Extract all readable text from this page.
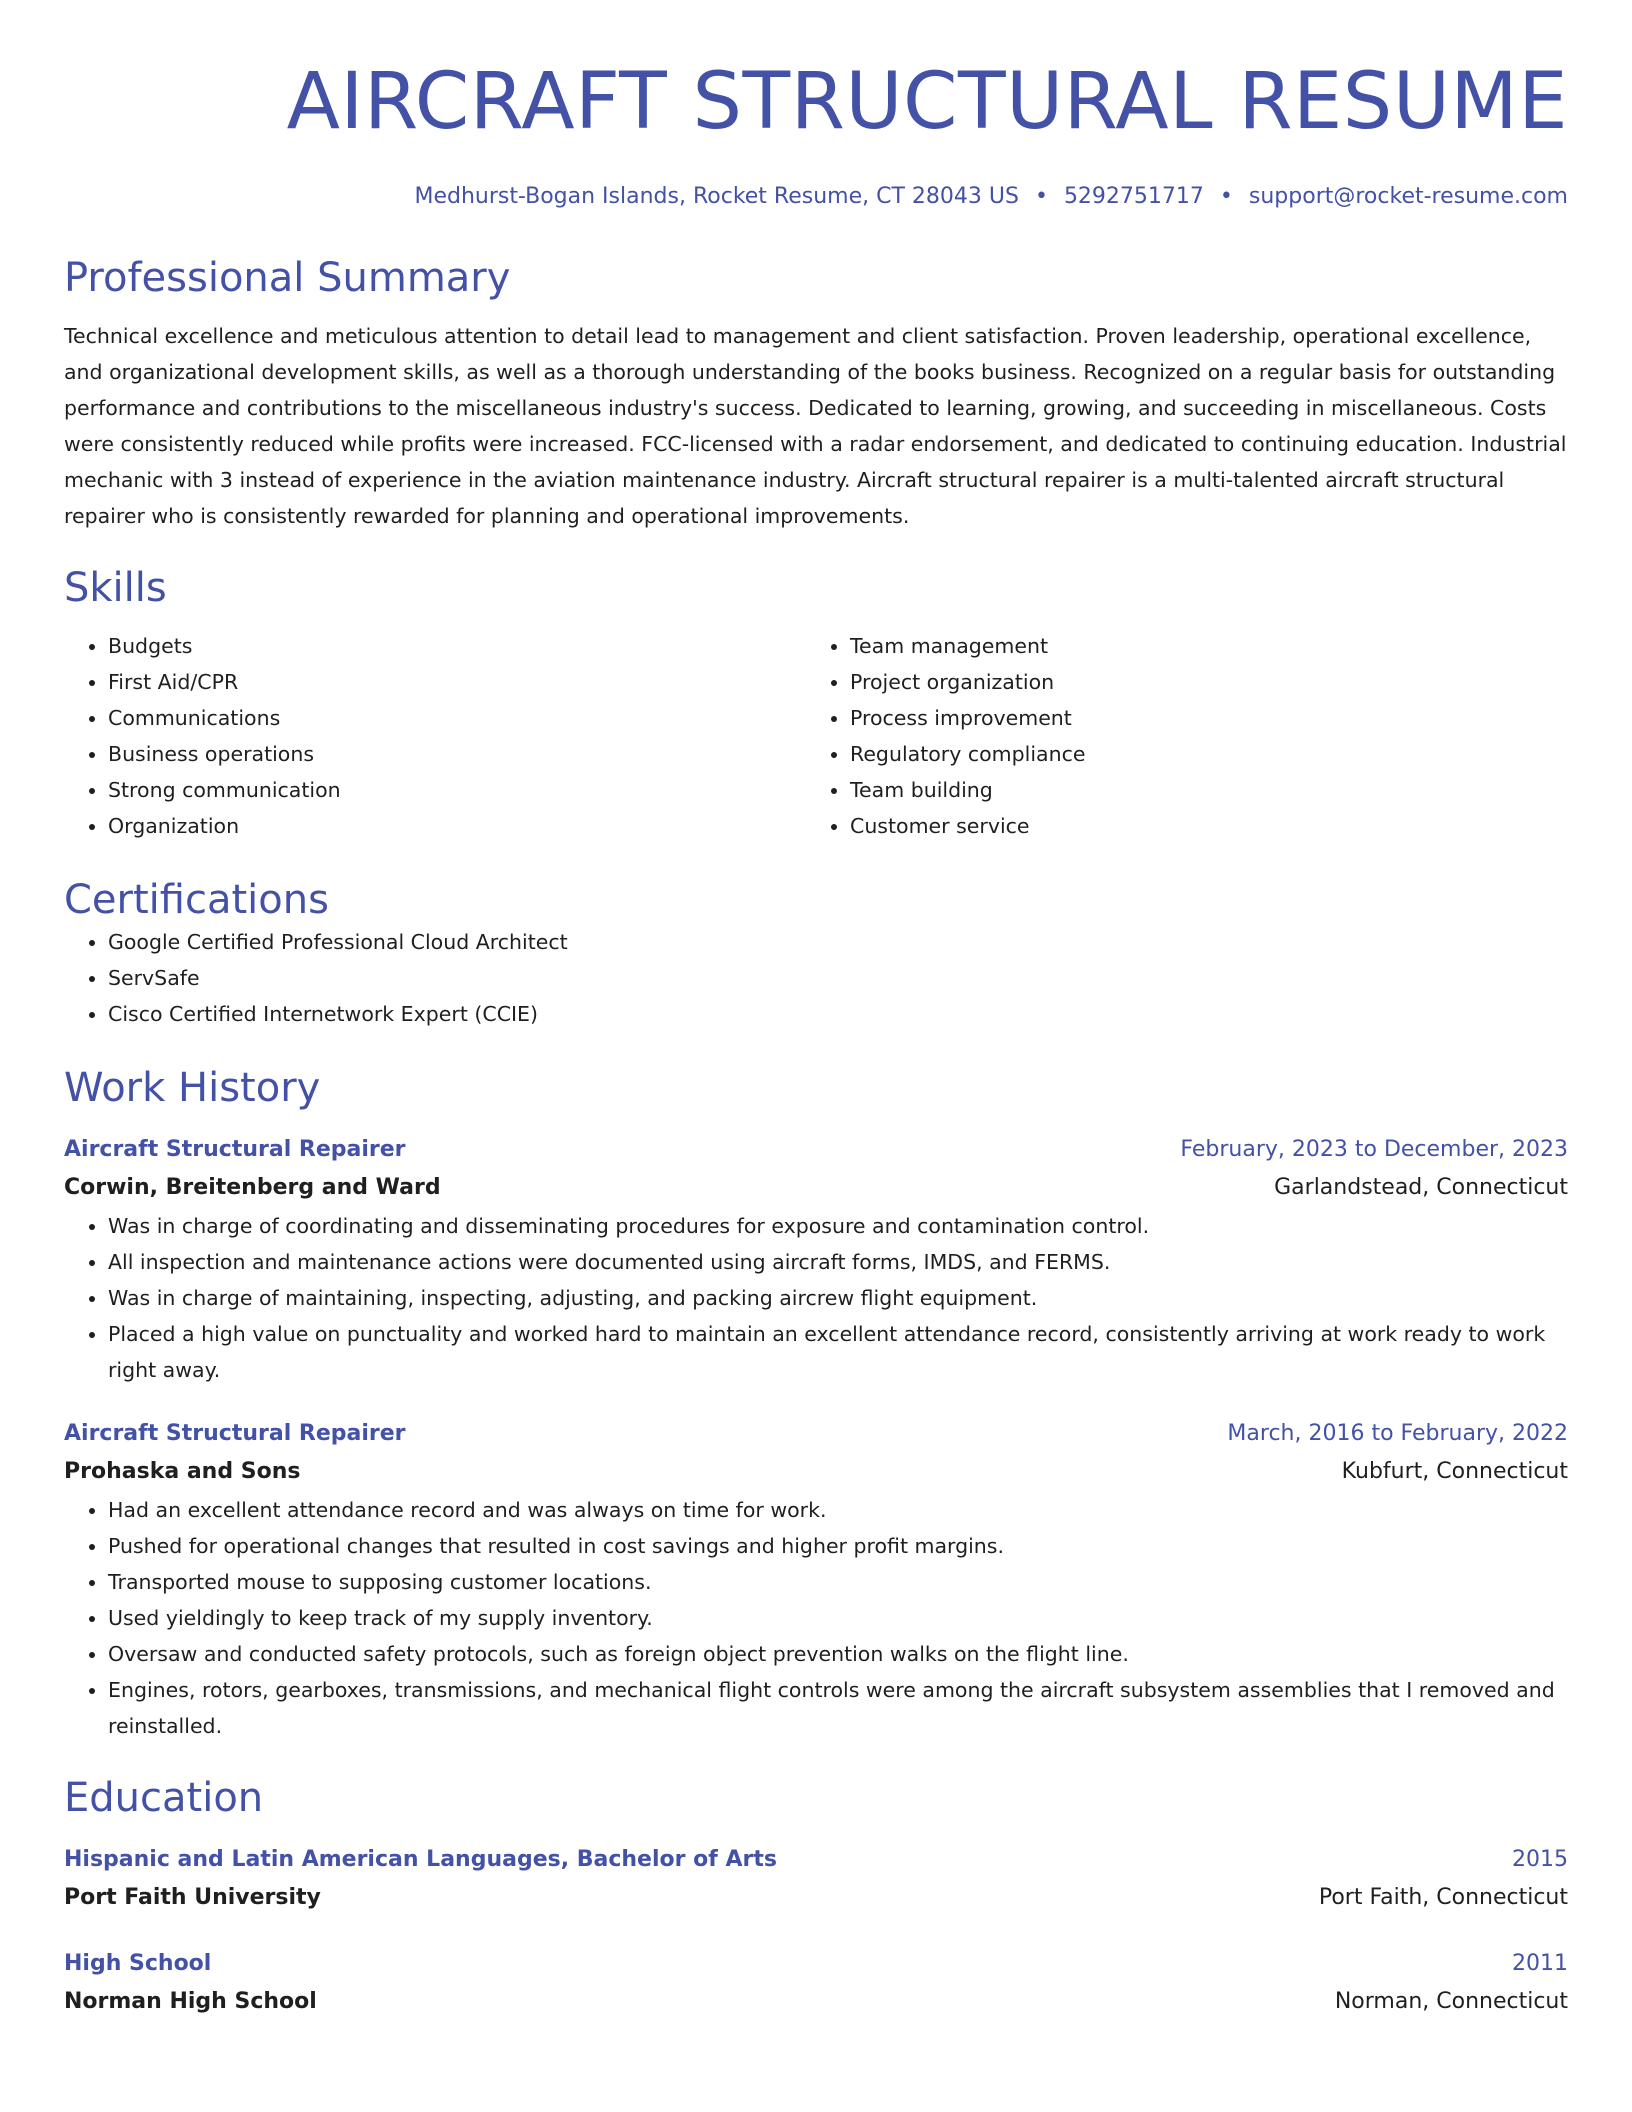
AIRCRAFT STRUCTURAL RESUME
Medhurst-Bogan Islands, Rocket Resume, CT 28043 US • 5292751717 • support@rocket-resume.com
Professional Summary
Technical excellence and meticulous attention to detail lead to management and client satisfaction. Proven leadership, operational excellence, and organizational development skills, as well as a thorough understanding of the books business. Recognized on a regular basis for outstanding performance and contributions to the miscellaneous industry's success. Dedicated to learning, growing, and succeeding in miscellaneous. Costs were consistently reduced while profits were increased. FCC-licensed with a radar endorsement, and dedicated to continuing education. Industrial mechanic with 3 instead of experience in the aviation maintenance industry. Aircraft structural repairer is a multi-talented aircraft structural repairer who is consistently rewarded for planning and operational improvements.
Skills
• Budgets
• First Aid/CPR
• Communications
• Business operations
• Strong communication
• Organization
• Team management
• Project organization
• Process improvement
• Regulatory compliance
• Team building
• Customer service
Certifications
• Google Certified Professional Cloud Architect
• ServSafe
• Cisco Certified Internetwork Expert (CCIE)
Work History
Aircraft Structural Repairer	February, 2023 to December, 2023
Corwin, Breitenberg and Ward	Garlandstead, Connecticut
• Was in charge of coordinating and disseminating procedures for exposure and contamination control.
• All inspection and maintenance actions were documented using aircraft forms, IMDS, and FERMS.
• Was in charge of maintaining, inspecting, adjusting, and packing aircrew flight equipment.
• Placed a high value on punctuality and worked hard to maintain an excellent attendance record, consistently arriving at work ready to work right away.
Aircraft Structural Repairer	March, 2016 to February, 2022
Prohaska and Sons	Kubfurt, Connecticut
• Had an excellent attendance record and was always on time for work.
• Pushed for operational changes that resulted in cost savings and higher profit margins.
• Transported mouse to supposing customer locations.
• Used yieldingly to keep track of my supply inventory.
• Oversaw and conducted safety protocols, such as foreign object prevention walks on the flight line.
• Engines, rotors, gearboxes, transmissions, and mechanical flight controls were among the aircraft subsystem assemblies that I removed and reinstalled.
Education
Hispanic and Latin American Languages, Bachelor of Arts	2015
Port Faith University	Port Faith, Connecticut
High School	2011
Norman High School	Norman, Connecticut
